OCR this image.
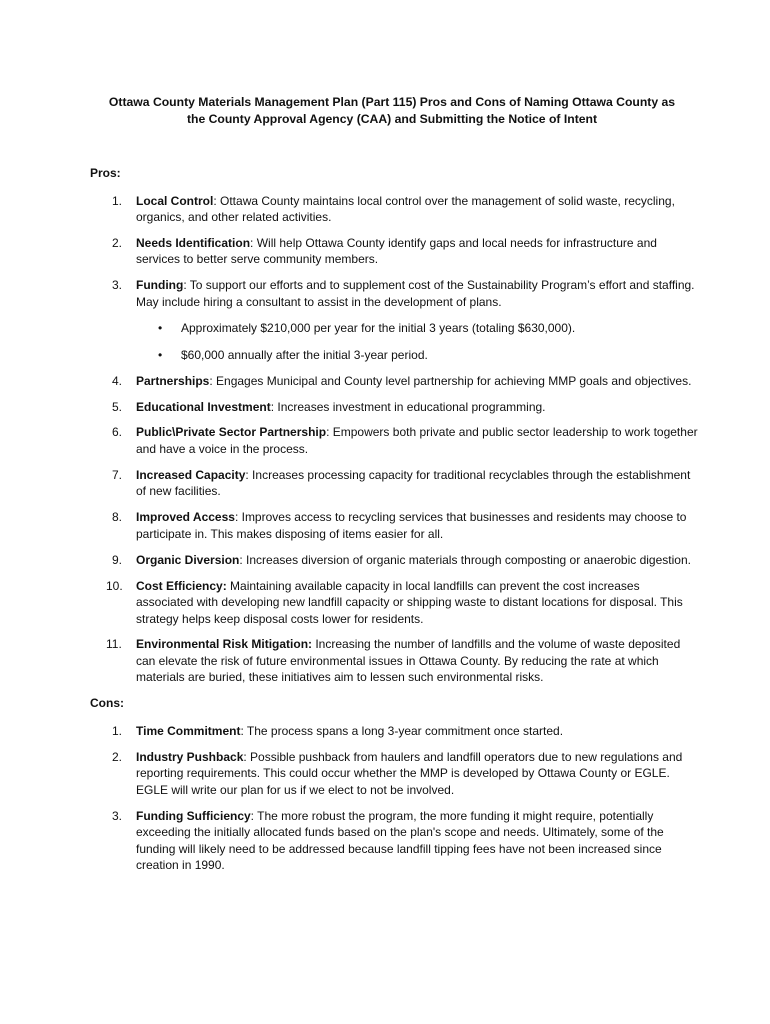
Ottawa County Materials Management Plan (Part 115) Pros and Cons of Naming Ottawa County as
the County Approval Agency (CAA) and Submitting the Notice of Intent
Pros:
1. Local Control: Ottawa County maintains local control over the management of solid waste, recycling, organics, and other related activities.
2. Needs Identification: Will help Ottawa County identify gaps and local needs for infrastructure and services to better serve community members.
3. Funding: To support our efforts and to supplement cost of the Sustainability Program’s effort and staffing. May include hiring a consultant to assist in the development of plans.
• Approximately $210,000 per year for the initial 3 years (totaling $630,000).
• $60,000 annually after the initial 3-year period.
4. Partnerships: Engages Municipal and County level partnership for achieving MMP goals and objectives.
5. Educational Investment: Increases investment in educational programming.
6. Public\Private Sector Partnership: Empowers both private and public sector leadership to work together and have a voice in the process.
7. Increased Capacity: Increases processing capacity for traditional recyclables through the establishment of new facilities.
8. Improved Access: Improves access to recycling services that businesses and residents may choose to participate in. This makes disposing of items easier for all.
9. Organic Diversion: Increases diversion of organic materials through composting or anaerobic digestion.
10. Cost Efficiency: Maintaining available capacity in local landfills can prevent the cost increases associated with developing new landfill capacity or shipping waste to distant locations for disposal. This strategy helps keep disposal costs lower for residents.
11. Environmental Risk Mitigation: Increasing the number of landfills and the volume of waste deposited can elevate the risk of future environmental issues in Ottawa County. By reducing the rate at which materials are buried, these initiatives aim to lessen such environmental risks.
Cons:
1. Time Commitment: The process spans a long 3-year commitment once started.
2. Industry Pushback: Possible pushback from haulers and landfill operators due to new regulations and reporting requirements. This could occur whether the MMP is developed by Ottawa County or EGLE. EGLE will write our plan for us if we elect to not be involved.
3. Funding Sufficiency: The more robust the program, the more funding it might require, potentially exceeding the initially allocated funds based on the plan's scope and needs. Ultimately, some of the funding will likely need to be addressed because landfill tipping fees have not been increased since creation in 1990.
